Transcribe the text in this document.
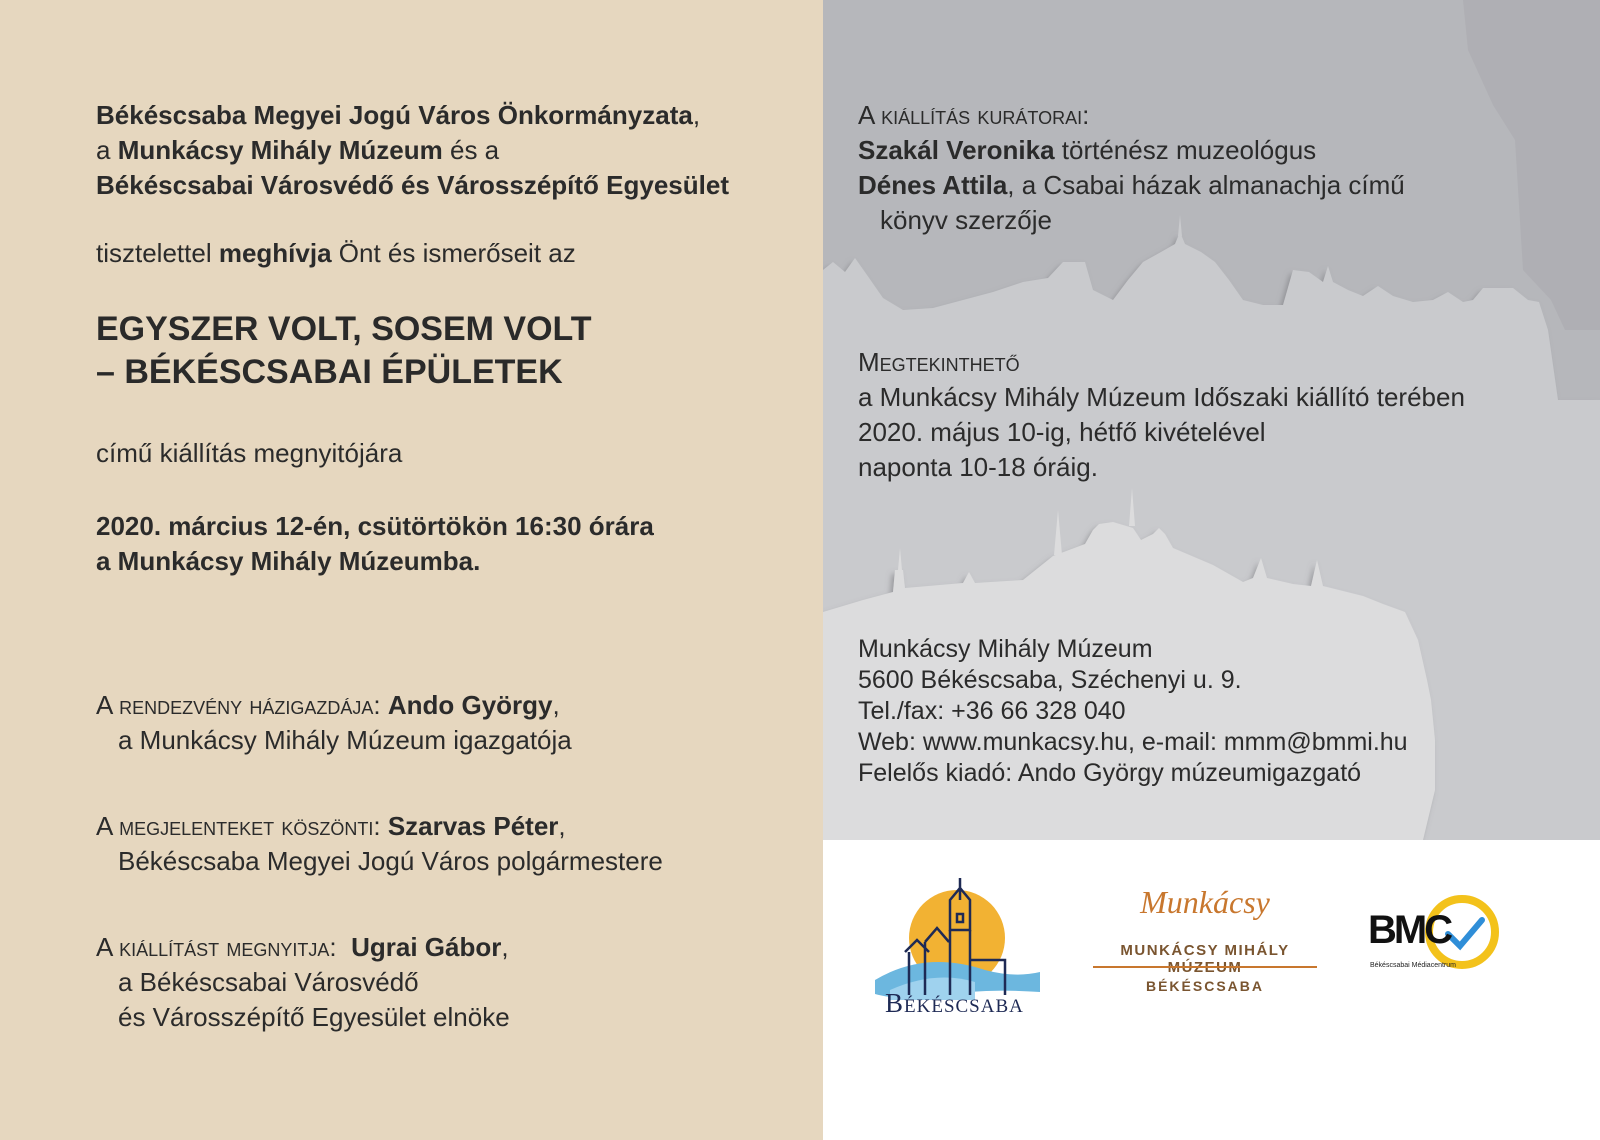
Békéscsaba Megyei Jogú Város Önkormányzata,
a Munkácsy Mihály Múzeum és a
Békéscsabai Városvédő és Városszépítő Egyesület
tisztelettel meghívja Önt és ismerőseit az
EGYSZER VOLT, SOSEM VOLT
– BÉKÉSCSABAI ÉPÜLETEK
című kiállítás megnyitójára
2020. március 12-én, csütörtökön 16:30 órára
a Munkácsy Mihály Múzeumba.
A rendezvény házigazdája: Ando György,
a Munkácsy Mihály Múzeum igazgatója
A megjelenteket köszönti: Szarvas Péter,
Békéscsaba Megyei Jogú Város polgármestere
A kiállítást megnyitja:  Ugrai Gábor,
a Békéscsabai Városvédő
és Városszépítő Egyesület elnöke
A kiállítás kurátorai:
Szakál Veronika történész muzeológus
Dénes Attila, a Csabai házak almanachja című
könyv szerzője
Megtekinthető
a Munkácsy Mihály Múzeum Időszaki kiállító terében
2020. május 10-ig, hétfő kivételével
naponta 10-18 óráig.
Munkácsy Mihály Múzeum
5600 Békéscsaba, Széchenyi u. 9.
Tel./fax: +36 66 328 040
Web: www.munkacsy.hu, e-mail: mmm@bmmi.hu
Felelős kiadó: Ando György múzeumigazgató
Békéscsaba
Munkácsy
MUNKÁCSY MIHÁLY
BÉKÉSCSABA
BMC
Békéscsabai Médiacentrum
